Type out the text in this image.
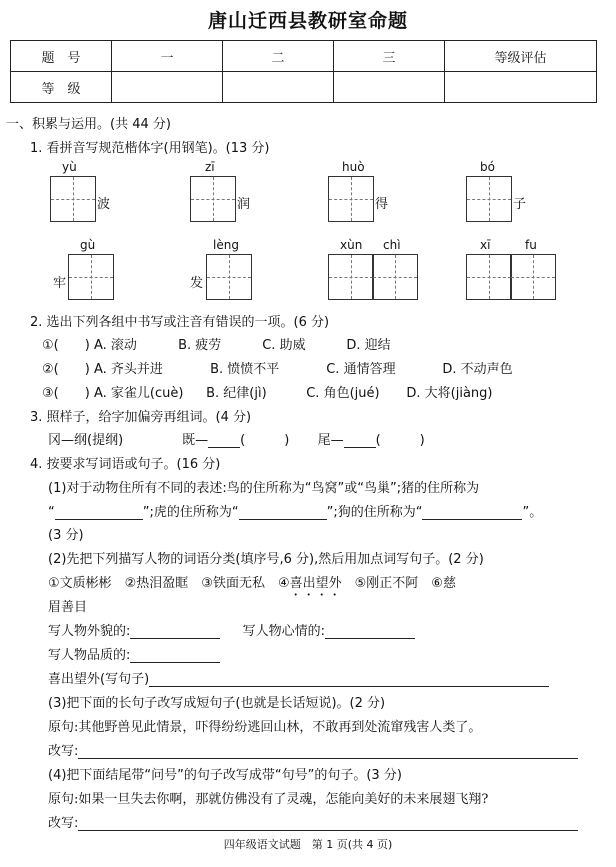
唐山迁西县教研室命题
题　号	一	二	三	等级评估
等　级				
一、积累与运用。(共 44 分)
1. 看拼音写规范楷体字(用钢笔)。(13 分)
yù
波
zī
润
huò
得
bó
子
牢
gù
发
lèng	xùn chì	xī	fu
2. 选出下列各组中书写或注音有错误的一项。(6 分)
①(　　) A. 滚动	B. 疲劳	C. 助威	D. 迎结
②(　　) A. 齐头并进	B. 愤愤不平	C. 通情答理	D. 不动声色
③(　　) A. 家雀儿(cuè) B. 纪律(jì)	C. 角色(jué) D. 大将(jiàng)
3. 照样子，给字加偏旁再组词。(4 分)
冈—纲(提纲)	既— (　　　) 尾— (　　　)
4. 按要求写词语或句子。(16 分)
(1)对于动物住所有不同的表述:鸟的住所称为“鸟窝”或“鸟巢”;猪的住所称为
“	”;虎的住所称为“	”;狗的住所称为“	”。
(3 分)
(2)先把下列描写人物的词语分类(填序号,6 分),然后用加点词写句子。(2 分)
①文质彬彬　②热泪盈眶　③铁面无私　④喜出望外　⑤刚正不阿　⑥慈
眉善目
写人物外貌的:	写人物心情的:
写人物品质的:
喜出望外(写句子)
(3)把下面的长句子改写成短句子(也就是长话短说)。(2 分)
原句:其他野兽见此情景，吓得纷纷逃回山林，不敢再到处流窜残害人类了。
改写:
(4)把下面结尾带“问号”的句子改写成带“句号”的句子。(3 分)
原句:如果一旦失去你啊，那就仿佛没有了灵魂，怎能向美好的未来展翅飞翔?
改写:
四年级语文试题　第 1 页(共 4 页)
